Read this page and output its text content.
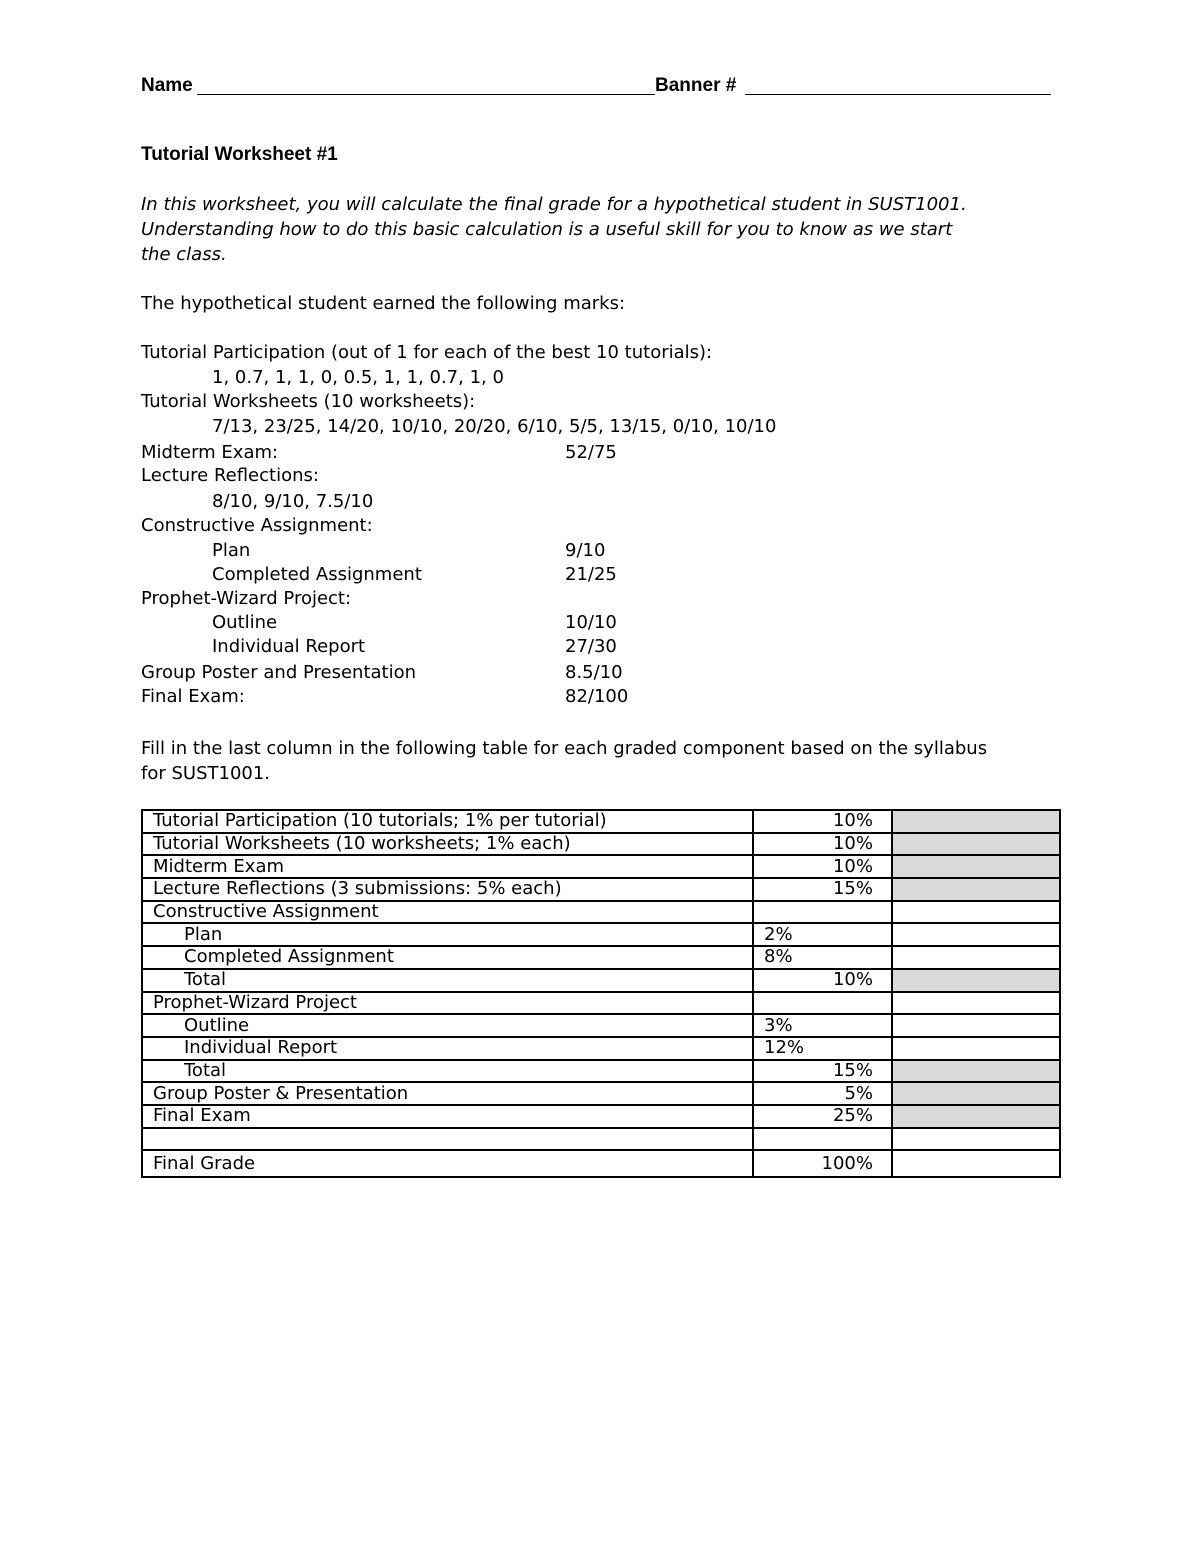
Name	Banner #
Tutorial Worksheet #1
In this worksheet, you will calculate the final grade for a hypothetical student in SUST1001.
Understanding how to do this basic calculation is a useful skill for you to know as we start
the class.
The hypothetical student earned the following marks:
Tutorial Participation (out of 1 for each of the best 10 tutorials):
1, 0.7, 1, 1, 0, 0.5, 1, 1, 0.7, 1, 0
Tutorial Worksheets (10 worksheets):
7/13, 23/25, 14/20, 10/10, 20/20, 6/10, 5/5, 13/15, 0/10, 10/10
Midterm Exam:	52/75
Lecture Reflections:
8/10, 9/10, 7.5/10
Constructive Assignment:
Plan	9/10
Completed Assignment	21/25
Prophet-Wizard Project:
Outline	10/10
Individual Report	27/30
Group Poster and Presentation	8.5/10
Final Exam:	82/100
Fill in the last column in the following table for each graded component based on the syllabus
for SUST1001.
Tutorial Participation (10 tutorials; 1% per tutorial)	10%	
Tutorial Worksheets (10 worksheets; 1% each)	10%	
Midterm Exam	10%	
Lecture Reflections (3 submissions: 5% each)	15%	
Constructive Assignment		
Plan	2%	
Completed Assignment	8%	
Total	10%	
Prophet-Wizard Project		
Outline	3%	
Individual Report	12%	
Total	15%	
Group Poster & Presentation	5%	
Final Exam	25%	

Final Grade	100%	
